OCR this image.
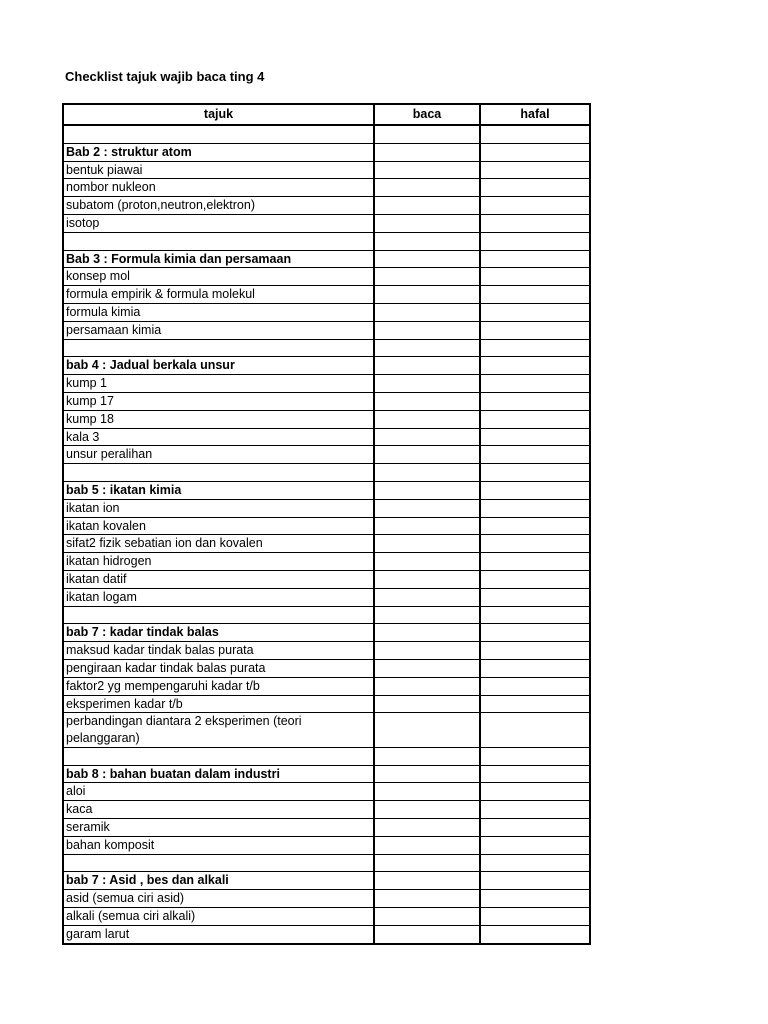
Checklist tajuk wajib baca ting 4
tajuk	baca	hafal

Bab 2 : struktur atom		
bentuk piawai		
nombor nukleon		
subatom (proton,neutron,elektron)		
isotop		

Bab 3 : Formula kimia dan persamaan		
konsep mol		
formula empirik & formula molekul		
formula kimia		
persamaan kimia		

bab 4 : Jadual berkala unsur		
kump 1		
kump 17		
kump 18		
kala 3		
unsur peralihan		

bab 5 : ikatan kimia		
ikatan ion		
ikatan kovalen		
sifat2 fizik sebatian ion dan kovalen		
ikatan hidrogen		
ikatan datif		
ikatan logam		

bab 7 : kadar tindak balas		
maksud kadar tindak balas purata		
pengiraan kadar tindak balas purata		
faktor2 yg mempengaruhi kadar t/b		
eksperimen kadar t/b		
perbandingan diantara 2 eksperimen (teori pelanggaran)		

bab 8 : bahan buatan dalam industri		
aloi		
kaca		
seramik		
bahan komposit		

bab 7 : Asid , bes dan alkali		
asid (semua ciri asid)		
alkali (semua ciri alkali)		
garam larut		
